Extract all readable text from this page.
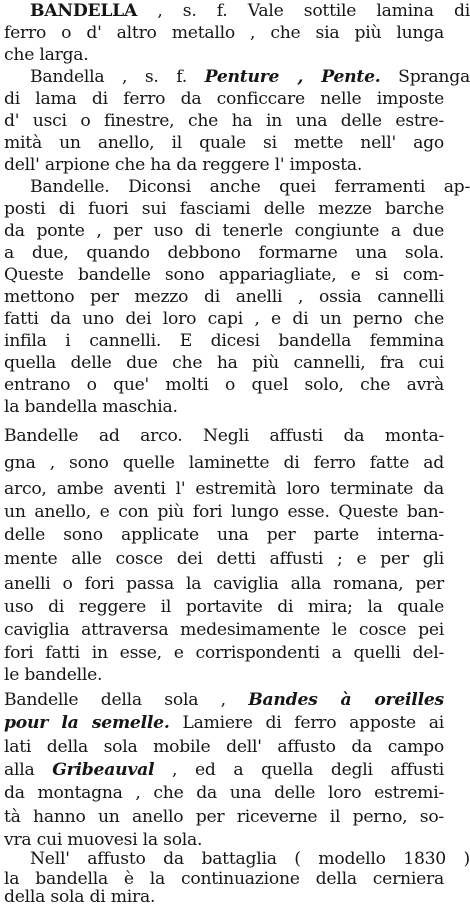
BANDELLA , s. f. Vale sottile lamina di
ferro o d' altro metallo , che sia più lunga
che larga.
Bandella , s. f. Penture , Pente. Spranga
di lama di ferro da conficcare nelle imposte
d' usci o finestre, che ha in una delle estre-
mità un anello, il quale si mette nell' ago
dell' arpione che ha da reggere l' imposta.
Bandelle. Diconsi anche quei ferramenti ap-
posti di fuori sui fasciami delle mezze barche
da ponte , per uso di tenerle congiunte a due
a due, quando debbono formarne una sola.
Queste bandelle sono appariagliate, e si com-
mettono per mezzo di anelli , ossia cannelli
fatti da uno dei loro capi , e di un perno che
infila i cannelli. E dicesi bandella femmina
quella delle due che ha più cannelli, fra cui
entrano o que' molti o quel solo, che avrà
la bandella maschia.
Bandelle ad arco. Negli affusti da monta-
gna , sono quelle laminette di ferro fatte ad
arco, ambe aventi l' estremità loro terminate da
un anello, e con più fori lungo esse. Queste ban-
delle sono applicate una per parte interna-
mente alle cosce dei detti affusti ; e per gli
anelli o fori passa la caviglia alla romana, per
uso di reggere il portavite di mira; la quale
caviglia attraversa medesimamente le cosce pei
fori fatti in esse, e corrispondenti a quelli del-
le bandelle.
Bandelle della sola , Bandes à oreilles
pour la semelle. Lamiere di ferro apposte ai
lati della sola mobile dell' affusto da campo
alla Gribeauval , ed a quella degli affusti
da montagna , che da una delle loro estremi-
tà hanno un anello per riceverne il perno, so-
vra cui muovesi la sola.
Nell' affusto da battaglia ( modello 1830 )
la bandella è la continuazione della cerniera
della sola di mira.
